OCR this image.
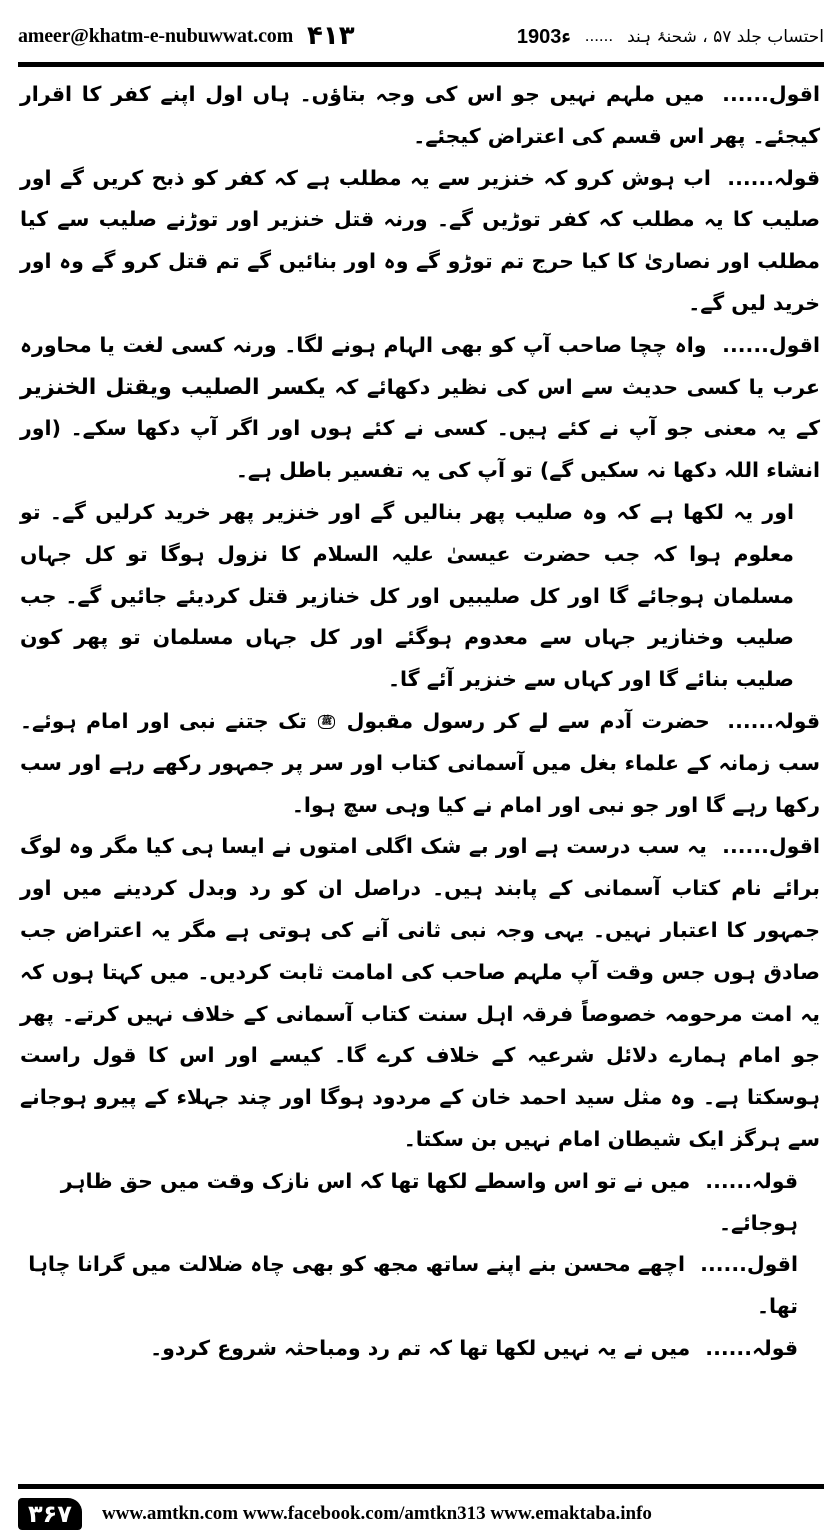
ameer@khatm-e-nubuwwat.com ۴۱۳	1903ء ...... احتساب جلد ۵۷ ، شحنۂ ہند

اقول...... میں ملہم نہیں جو اس کی وجہ بتاؤں۔ ہاں اول اپنے کفر کا اقرار کیجئے۔ پھر اس قسم کی اعتراض کیجئے۔

قولہ...... اب ہوش کرو کہ خنزیر سے یہ مطلب ہے کہ کفر کو ذبح کریں گے اور صلیب کا یہ مطلب کہ کفر توڑیں گے۔ ورنہ قتل خنزیر اور توڑنے صلیب سے کیا مطلب اور نصاریٰ کا کیا حرج تم توڑو گے وہ اور بنائیں گے تم قتل کرو گے وہ اور خرید لیں گے۔

اقول...... واہ چچا صاحب آپ کو بھی الہام ہونے لگا۔ ورنہ کسی لغت یا محاورہ عرب یا کسی حدیث سے اس کی نظیر دکھائے کہ یکسر الصلیب ویقتل الخنزیر کے یہ معنی جو آپ نے کئے ہیں۔ کسی نے کئے ہوں اور اگر آپ دکھا سکے۔ (اور انشاء اللہ دکھا نہ سکیں گے) تو آپ کی یہ تفسیر باطل ہے۔

اور یہ لکھا ہے کہ وہ صلیب پھر بنالیں گے اور خنزیر پھر خرید کرلیں گے۔ تو معلوم ہوا کہ جب حضرت عیسیٰ علیہ السلام کا نزول ہوگا تو کل جہاں مسلمان ہوجائے گا اور کل صلیبیں اور کل خنازیر قتل کردیئے جائیں گے۔ جب صلیب وخنازیر جہاں سے معدوم ہوگئے اور کل جہاں مسلمان تو پھر کون صلیب بنائے گا اور کہاں سے خنزیر آئے گا۔

قولہ...... حضرت آدم سے لے کر رسول مقبول ﷺ تک جتنے نبی اور امام ہوئے۔ سب زمانہ کے علماء بغل میں آسمانی کتاب اور سر پر جمہور رکھے رہے اور سب رکھا رہے گا اور جو نبی اور امام نے کیا وہی سچ ہوا۔

اقول...... یہ سب درست ہے اور بے شک اگلی امتوں نے ایسا ہی کیا مگر وہ لوگ برائے نام کتاب آسمانی کے پابند ہیں۔ دراصل ان کو رد وبدل کردینے میں اور جمہور کا اعتبار نہیں۔ یہی وجہ نبی ثانی آنے کی ہوتی ہے مگر یہ اعتراض جب صادق ہوں جس وقت آپ ملہم صاحب کی امامت ثابت کردیں۔ میں کہتا ہوں کہ یہ امت مرحومہ خصوصاً فرقہ اہل سنت کتاب آسمانی کے خلاف نہیں کرتے۔ پھر جو امام ہمارے دلائل شرعیہ کے خلاف کرے گا۔ کیسے اور اس کا قول راست ہوسکتا ہے۔ وہ مثل سید احمد خان کے مردود ہوگا اور چند جہلاء کے پیرو ہوجانے سے ہرگز ایک شیطان امام نہیں بن سکتا۔

قولہ...... میں نے تو اس واسطے لکھا تھا کہ اس نازک وقت میں حق ظاہر ہوجائے۔

اقول...... اچھے محسن بنے اپنے ساتھ مجھ کو بھی چاہ ضلالت میں گرانا چاہا تھا۔

قولہ...... میں نے یہ نہیں لکھا تھا کہ تم رد ومباحثہ شروع کردو۔

۳۶۷	www.amtkn.com www.facebook.com/amtkn313 www.emaktaba.info
